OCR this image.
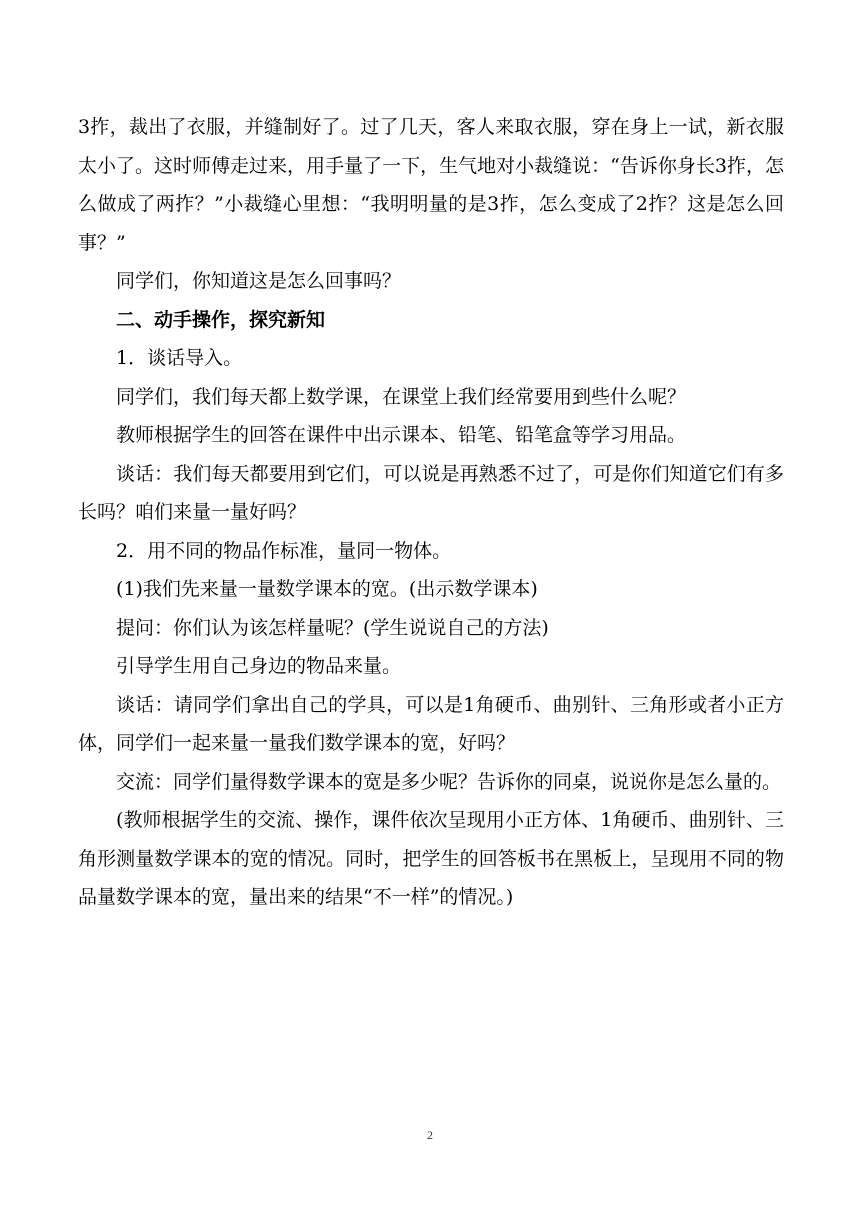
3拃，裁出了衣服，并缝制好了。过了几天，客人来取衣服，穿在身上一试，新衣服太小了。这时师傅走过来，用手量了一下，生气地对小裁缝说：“告诉你身长3拃，怎么做成了两拃？”小裁缝心里想：“我明明量的是3拃，怎么变成了2拃？这是怎么回事？”

同学们，你知道这是怎么回事吗？

二、动手操作，探究新知

1．谈话导入。

同学们，我们每天都上数学课，在课堂上我们经常要用到些什么呢？

教师根据学生的回答在课件中出示课本、铅笔、铅笔盒等学习用品。

谈话：我们每天都要用到它们，可以说是再熟悉不过了，可是你们知道它们有多长吗？咱们来量一量好吗？

2．用不同的物品作标准，量同一物体。

(1)我们先来量一量数学课本的宽。(出示数学课本)

提问：你们认为该怎样量呢？(学生说说自己的方法)

引导学生用自己身边的物品来量。

谈话：请同学们拿出自己的学具，可以是1角硬币、曲别针、三角形或者小正方体，同学们一起来量一量我们数学课本的宽，好吗？

交流：同学们量得数学课本的宽是多少呢？告诉你的同桌，说说你是怎么量的。

(教师根据学生的交流、操作，课件依次呈现用小正方体、1角硬币、曲别针、三角形测量数学课本的宽的情况。同时，把学生的回答板书在黑板上，呈现用不同的物品量数学课本的宽，量出来的结果“不一样”的情况。)

2
